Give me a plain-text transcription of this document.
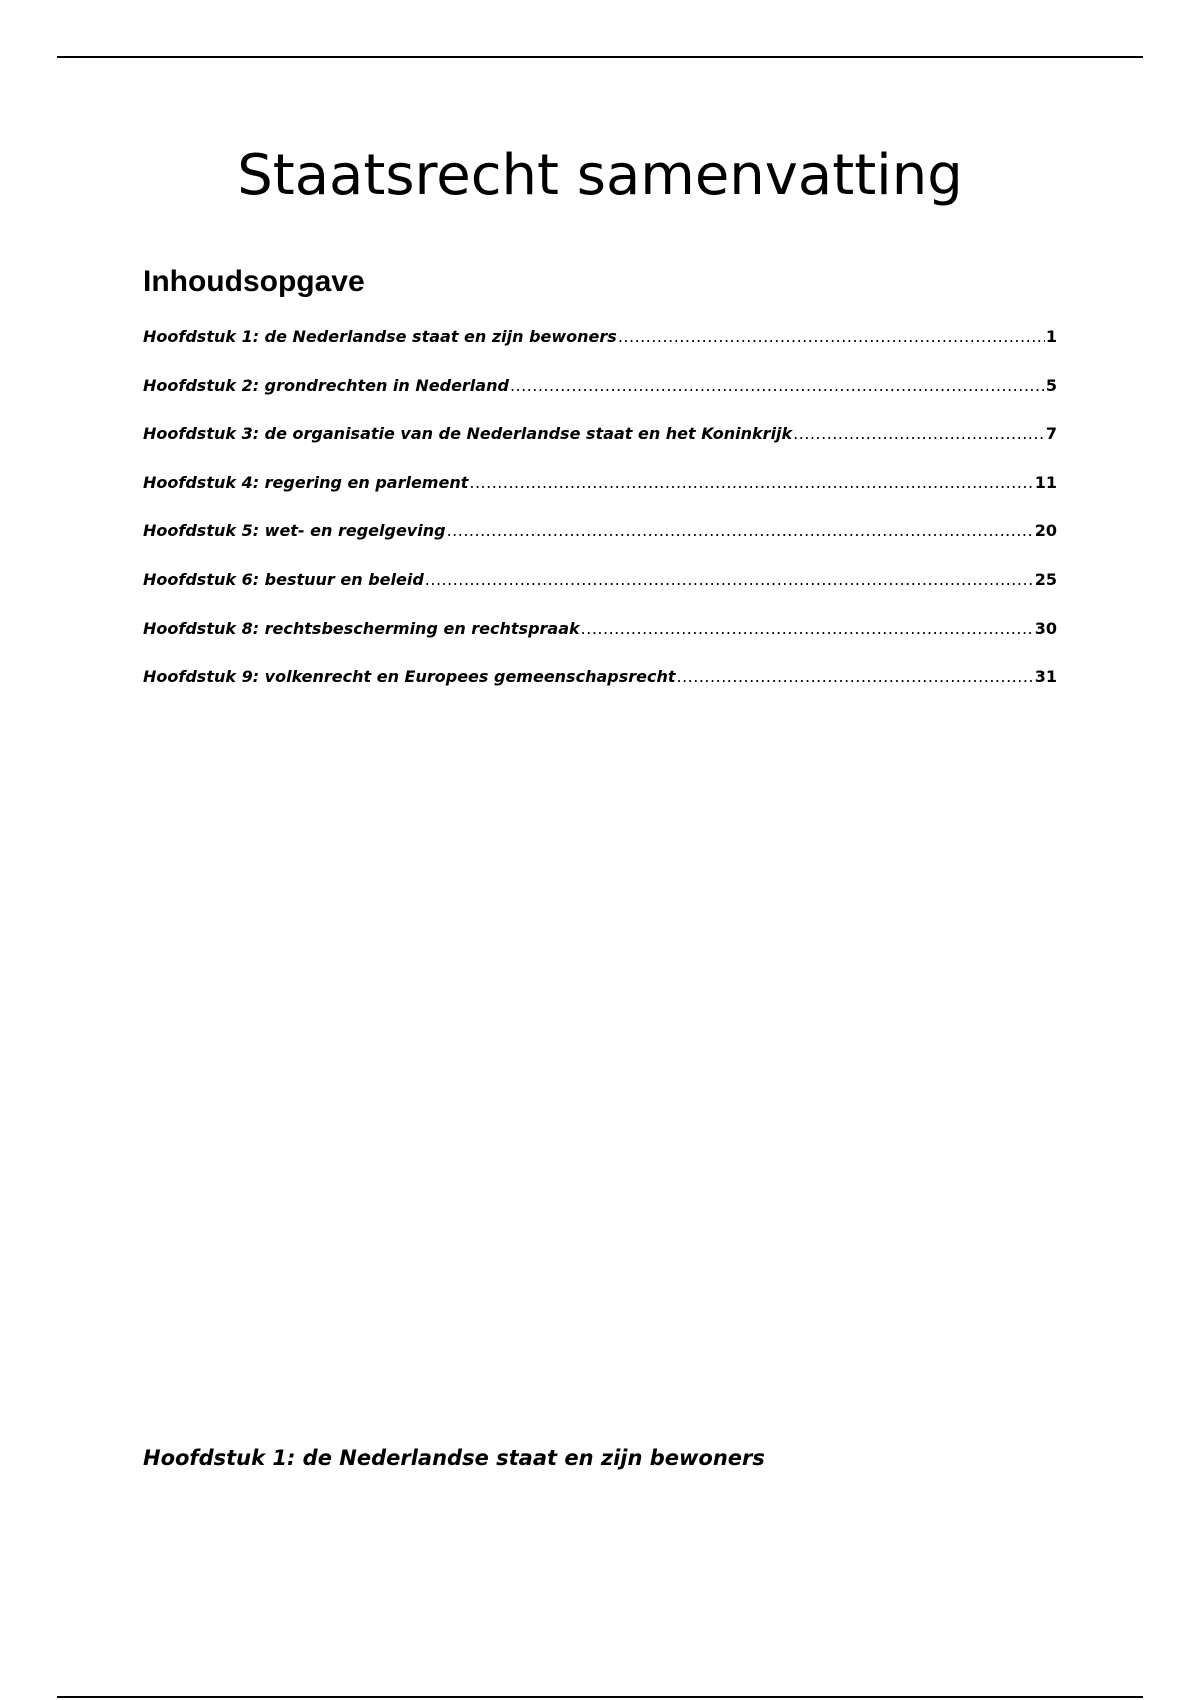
Staatsrecht samenvatting
Inhoudsopgave
Hoofdstuk 1: de Nederlandse staat en zijn bewoners .....	1
Hoofdstuk 2: grondrechten in Nederland .....	5
Hoofdstuk 3: de organisatie van de Nederlandse staat en het Koninkrijk .....	7
Hoofdstuk 4: regering en parlement .....	11
Hoofdstuk 5: wet- en regelgeving .....	20
Hoofdstuk 6: bestuur en beleid .....	25
Hoofdstuk 8: rechtsbescherming en rechtspraak .....	30
Hoofdstuk 9: volkenrecht en Europees gemeenschapsrecht .....	31
Hoofdstuk 1: de Nederlandse staat en zijn bewoners
